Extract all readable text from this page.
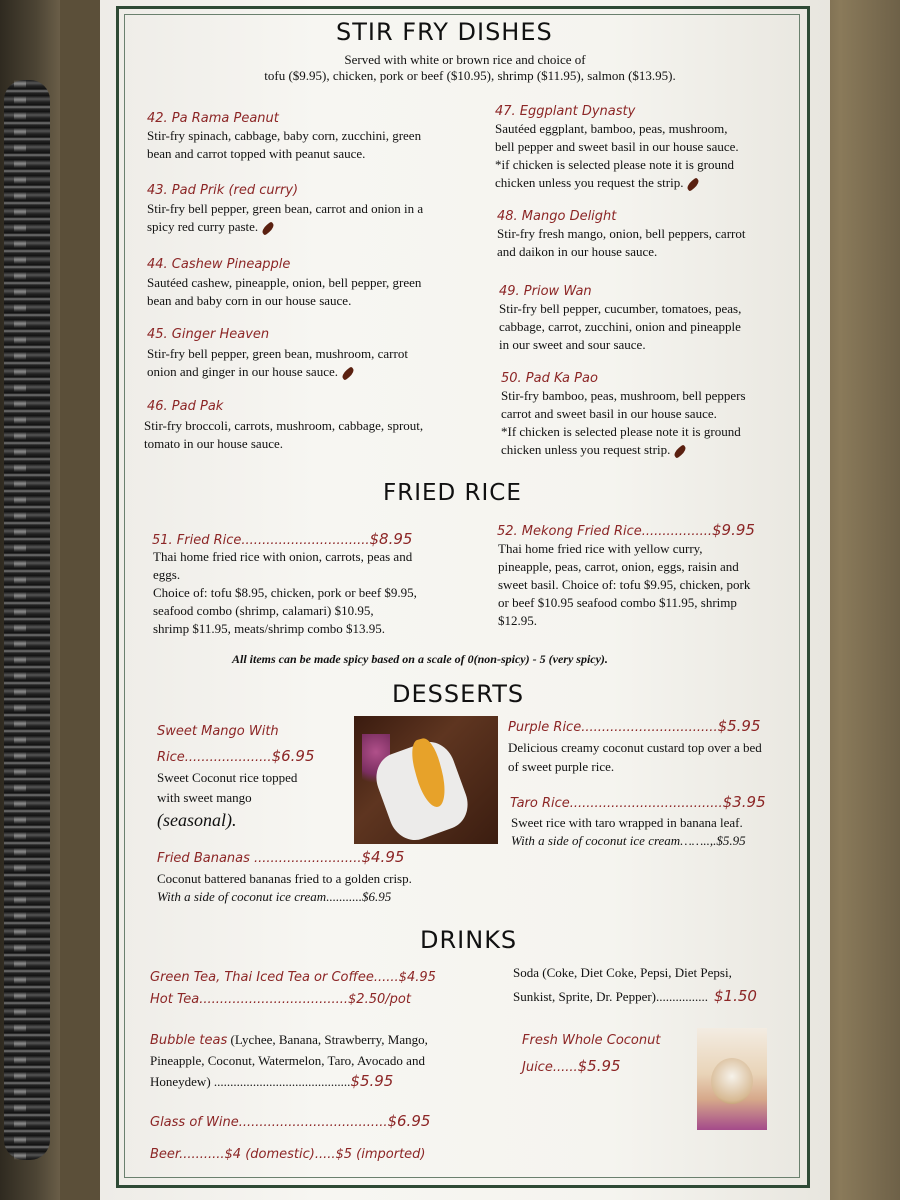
STIR FRY DISHES
Served with white or brown rice and choice of
tofu ($9.95), chicken, pork or beef ($10.95), shrimp ($11.95), salmon ($13.95).
42. Pa Rama Peanut
Stir-fry spinach, cabbage, baby corn, zucchini, green
bean and carrot topped with peanut sauce.
43. Pad Prik (red curry)
Stir-fry bell pepper, green bean, carrot and onion in a
spicy red curry paste.
44. Cashew Pineapple
Sautéed cashew, pineapple, onion, bell pepper, green
bean and baby corn in our house sauce.
45. Ginger Heaven
Stir-fry bell pepper, green bean, mushroom, carrot
onion and ginger in our house sauce.
46. Pad Pak
Stir-fry broccoli, carrots, mushroom, cabbage, sprout,
tomato in our house sauce.
47. Eggplant Dynasty
Sautéed eggplant, bamboo, peas, mushroom,
bell pepper and sweet basil in our house sauce.
*if chicken is selected please note it is ground
chicken unless you request the strip.
48. Mango Delight
Stir-fry fresh mango, onion, bell peppers, carrot
and daikon in our house sauce.
49. Priow Wan
Stir-fry bell pepper, cucumber, tomatoes, peas,
cabbage, carrot, zucchini, onion and pineapple
in our sweet and sour sauce.
50. Pad Ka Pao
Stir-fry bamboo, peas, mushroom, bell peppers
carrot and sweet basil in our house sauce.
*If chicken is selected please note it is ground
chicken unless you request strip.
FRIED RICE
51. Fried Rice...............................$8.95
Thai home fried rice with onion, carrots, peas and
eggs.
Choice of: tofu $8.95, chicken, pork or beef $9.95,
seafood combo (shrimp, calamari) $10.95,
shrimp $11.95, meats/shrimp combo $13.95.
52. Mekong Fried Rice.................$9.95
Thai home fried rice with yellow curry,
pineapple, peas, carrot, onion, eggs, raisin and
sweet basil. Choice of: tofu $9.95, chicken, pork
or beef $10.95 seafood combo $11.95, shrimp
$12.95.
All items can be made spicy based on a scale of 0(non-spicy) - 5 (very spicy).
DESSERTS
Sweet Mango With
Rice.....................$6.95
Sweet Coconut rice topped
with sweet mango
(seasonal).
Fried Bananas ..........................$4.95
Coconut battered bananas fried to a golden crisp.
With a side of coconut ice cream...........$6.95
Purple Rice.................................$5.95
Delicious creamy coconut custard top over a bed
of sweet purple rice.
Taro Rice.....................................$3.95
Sweet rice with taro wrapped in banana leaf.
With a side of coconut ice cream……..,.$5.95
DRINKS
Green Tea, Thai Iced Tea or Coffee......$4.95
Hot Tea....................................$2.50/pot
Bubble teas (Lychee, Banana, Strawberry, Mango,
Pineapple, Coconut, Watermelon, Taro, Avocado and
Honeydew) ..........................................$5.95
Glass of Wine....................................$6.95
Beer...........$4 (domestic).....$5 (imported)
Soda (Coke, Diet Coke, Pepsi, Diet Pepsi,
Sunkist, Sprite, Dr. Pepper)................ $1.50
Fresh Whole Coconut
Juice......$5.95
